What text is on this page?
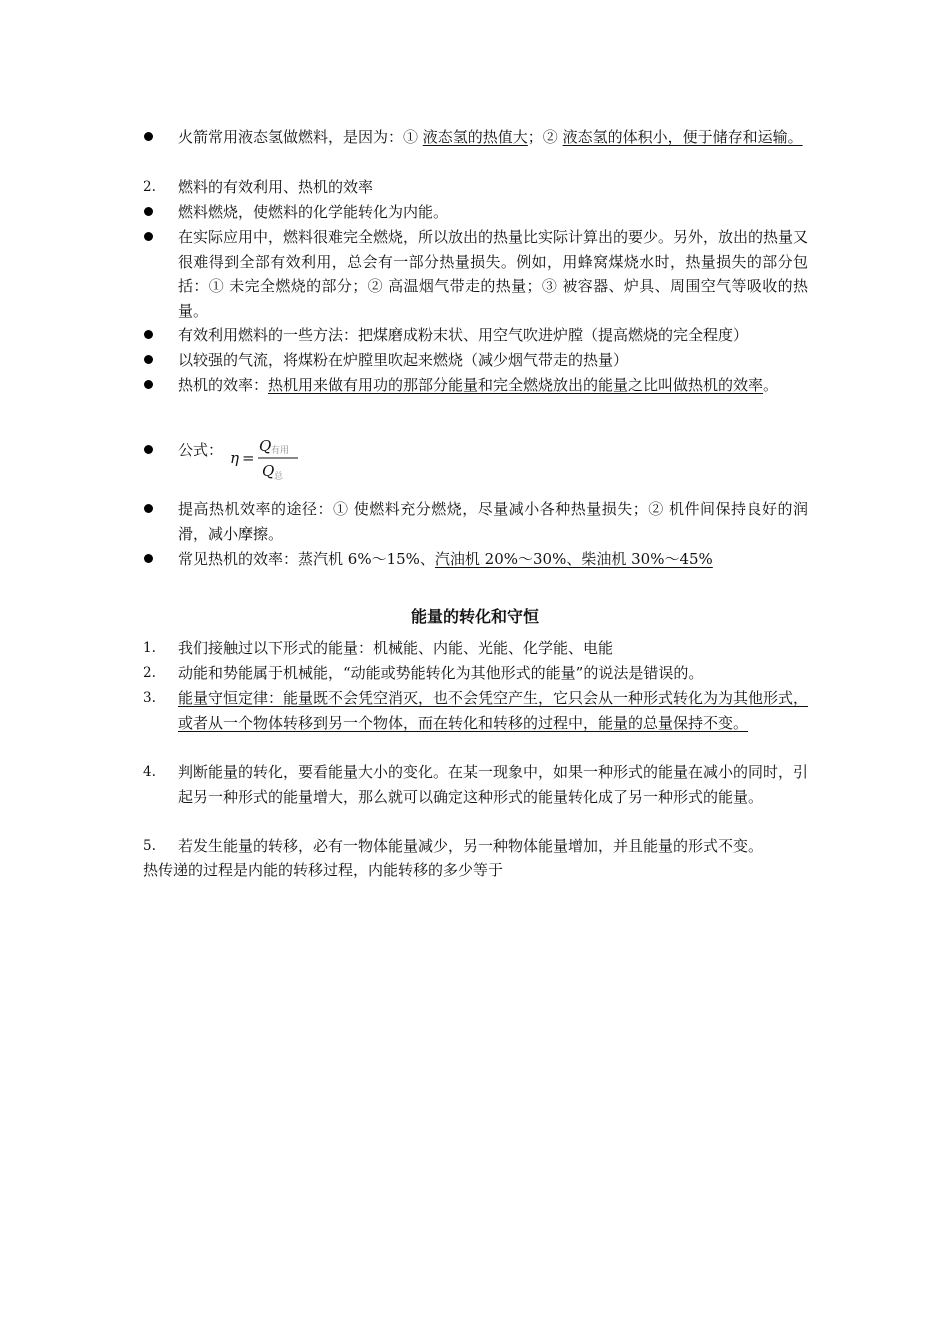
火箭常用液态氢做燃料，是因为：① 液态氢的热值大；② 液态氢的体积小，便于储存和运输。
2.	燃料的有效利用、热机的效率
燃料燃烧，使燃料的化学能转化为内能。
在实际应用中，燃料很难完全燃烧，所以放出的热量比实际计算出的要少。另外，放出的热量又很难得到全部有效利用，总会有一部分热量损失。例如，用蜂窝煤烧水时，热量损失的部分包括：① 未完全燃烧的部分；② 高温烟气带走的热量；③ 被容器、炉具、周围空气等吸收的热量。
有效利用燃料的一些方法：把煤磨成粉末状、用空气吹进炉膛（提高燃烧的完全程度）
以较强的气流，将煤粉在炉膛里吹起来燃烧（减少烟气带走的热量）
热机的效率：热机用来做有用功的那部分能量和完全燃烧放出的能量之比叫做热机的效率。
公式： η =
Q 有用
Q 总
提高热机效率的途径：① 使燃料充分燃烧，尽量减小各种热量损失；② 机件间保持良好的润滑，减小摩擦。
常见热机的效率：蒸汽机 6%～15%、汽油机 20%～30%、柴油机 30%～45%
能量的转化和守恒
1.	我们接触过以下形式的能量：机械能、内能、光能、化学能、电能
2.	动能和势能属于机械能，“动能或势能转化为其他形式的能量”的说法是错误的。
3.	能量守恒定律：能量既不会凭空消灭，也不会凭空产生，它只会从一种形式转化为为其他形式，或者从一个物体转移到另一个物体，而在转化和转移的过程中，能量的总量保持不变。
4.	判断能量的转化，要看能量大小的变化。在某一现象中，如果一种形式的能量在减小的同时，引起另一种形式的能量增大，那么就可以确定这种形式的能量转化成了另一种形式的能量。
5.	若发生能量的转移，必有一物体能量减少，另一种物体能量增加，并且能量的形式不变。
热传递的过程是内能的转移过程，内能转移的多少等于
